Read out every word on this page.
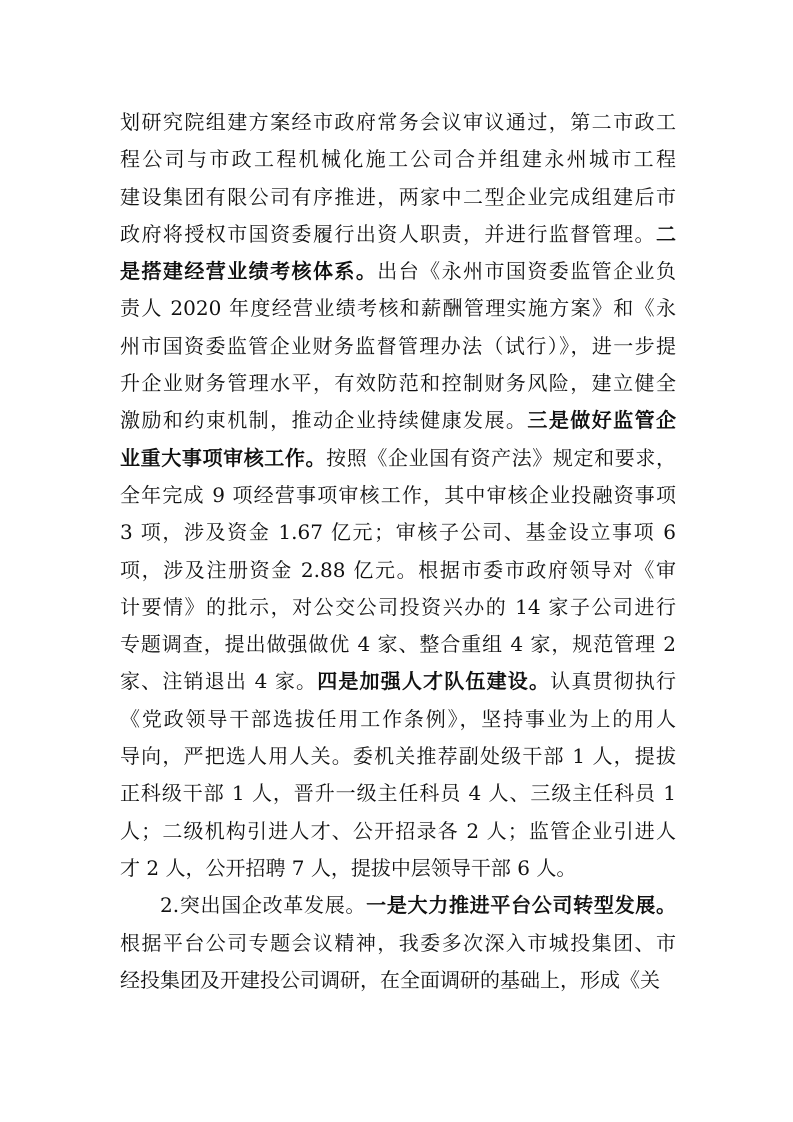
划研究院组建方案经市政府常务会议审议通过，第二市政工
程公司与市政工程机械化施工公司合并组建永州城市工程
建设集团有限公司有序推进，两家中二型企业完成组建后市
政府将授权市国资委履行出资人职责，并进行监督管理。二
是搭建经营业绩考核体系。出台《永州市国资委监管企业负
责人 2020 年度经营业绩考核和薪酬管理实施方案》和《永
州市国资委监管企业财务监督管理办法（试行）》，进一步提
升企业财务管理水平，有效防范和控制财务风险，建立健全
激励和约束机制，推动企业持续健康发展。三是做好监管企
业重大事项审核工作。按照《企业国有资产法》规定和要求，
全年完成 9 项经营事项审核工作，其中审核企业投融资事项
3 项，涉及资金 1.67 亿元；审核子公司、基金设立事项 6
项，涉及注册资金 2.88 亿元。根据市委市政府领导对《审
计要情》的批示，对公交公司投资兴办的 14 家子公司进行
专题调查，提出做强做优 4 家、整合重组 4 家，规范管理 2
家、注销退出 4 家。四是加强人才队伍建设。认真贯彻执行
《党政领导干部选拔任用工作条例》，坚持事业为上的用人
导向，严把选人用人关。委机关推荐副处级干部 1 人，提拔
正科级干部 1 人，晋升一级主任科员 4 人、三级主任科员 1
人；二级机构引进人才、公开招录各 2 人；监管企业引进人
才 2 人，公开招聘 7 人，提拔中层领导干部 6 人。
2.突出国企改革发展。一是大力推进平台公司转型发展。
根据平台公司专题会议精神，我委多次深入市城投集团、市
经投集团及开建投公司调研，在全面调研的基础上，形成《关
